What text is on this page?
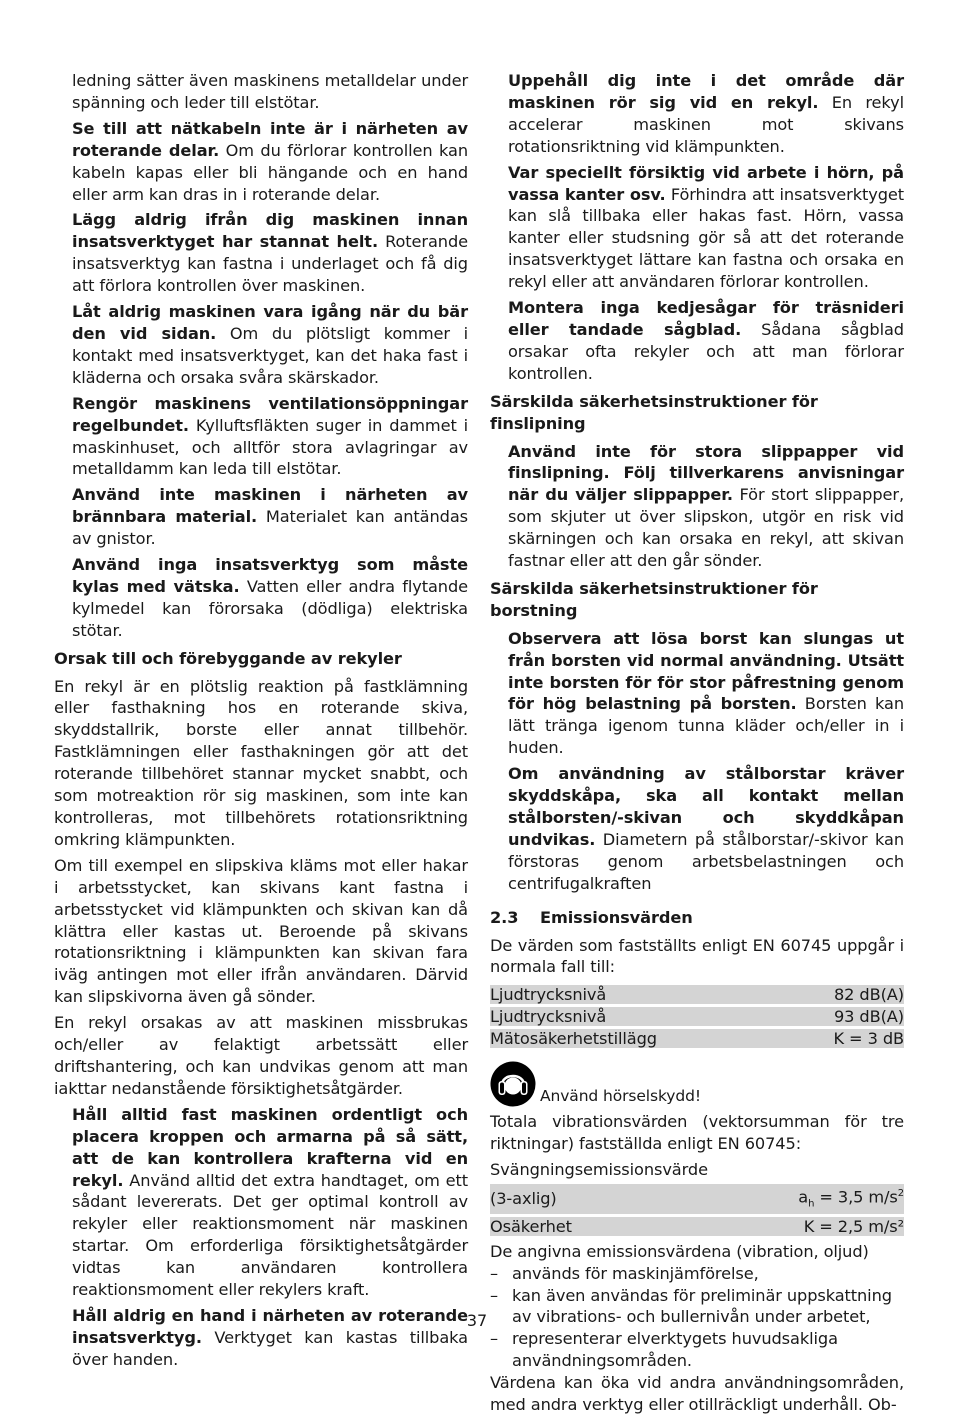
ledning sätter även maskinens metalldelar under spänning och leder till elstötar.

Se till att nätkabeln inte är i närheten av roterande delar. Om du förlorar kontrollen kan kabeln kapas eller bli hängande och en hand eller arm kan dras in i roterande delar.

Lägg aldrig ifrån dig maskinen innan insatsverktyget har stannat helt. Roterande insatsverktyg kan fastna i underlaget och få dig att förlora kontrollen över maskinen.

Låt aldrig maskinen vara igång när du bär den vid sidan. Om du plötsligt kommer i kontakt med insatsverktyget, kan det haka fast i kläderna och orsaka svåra skärskador.

Rengör maskinens ventilationsöppningar regelbundet. Kylluftsfläkten suger in dammet i maskinhuset, och alltför stora avlagringar av metalldamm kan leda till elstötar.

Använd inte maskinen i närheten av brännbara material. Materialet kan antändas av gnistor.

Använd inga insatsverktyg som måste kylas med vätska. Vatten eller andra flytande kylmedel kan förorsaka (dödliga) elektriska stötar.

Orsak till och förebyggande av rekyler

En rekyl är en plötslig reaktion på fastklämning eller fasthakning hos en roterande skiva, skyddstallrik, borste eller annat tillbehör. Fastklämningen eller fasthakningen gör att det roterande tillbehöret stannar mycket snabbt, och som motreaktion rör sig maskinen, som inte kan kontrolleras, mot tillbehörets rotationsriktning omkring klämpunkten.

Om till exempel en slipskiva kläms mot eller hakar i arbetsstycket, kan skivans kant fastna i arbetsstycket vid klämpunkten och skivan kan då klättra eller kastas ut. Beroende på skivans rotationsriktning i klämpunkten kan skivan fara iväg antingen mot eller ifrån användaren. Därvid kan slipskivorna även gå sönder.

En rekyl orsakas av att maskinen missbrukas och/eller av felaktigt arbetssätt eller driftshantering, och kan undvikas genom att man iakttar nedanstående försiktighetsåtgärder.

Håll alltid fast maskinen ordentligt och placera kroppen och armarna på så sätt, att de kan kontrollera krafterna vid en rekyl. Använd alltid det extra handtaget, om ett sådant levererats. Det ger optimal kontroll av rekyler eller reaktionsmoment när maskinen startar. Om erforderliga försiktighetsåtgärder vidtas kan användaren kontrollera reaktionsmoment eller rekylers kraft.

Håll aldrig en hand i närheten av roterande insatsverktyg. Verktyget kan kastas tillbaka över handen.

Uppehåll dig inte i det område där maskinen rör sig vid en rekyl. En rekyl accelerar maskinen mot skivans rotationsriktning vid klämpunkten.

Var speciellt försiktig vid arbete i hörn, på vassa kanter osv. Förhindra att insatsverktyget kan slå tillbaka eller hakas fast. Hörn, vassa kanter eller studsning gör så att det roterande insatsverktyget lättare kan fastna och orsaka en rekyl eller att användaren förlorar kontrollen.

Montera inga kedjesågar för träsnideri eller tandade sågblad. Sådana sågblad orsakar ofta rekyler och att man förlorar kontrollen.

Särskilda säkerhetsinstruktioner för finslipning

Använd inte för stora slippapper vid finslipning. Följ tillverkarens anvisningar när du väljer slippapper. För stort slippapper, som skjuter ut över slipskon, utgör en risk vid skärningen och kan orsaka en rekyl, att skivan fastnar eller att den går sönder.

Särskilda säkerhetsinstruktioner för borstning

Observera att lösa borst kan slungas ut från borsten vid normal användning. Utsätt inte borsten för för stor påfrestning genom för hög belastning på borsten. Borsten kan lätt tränga igenom tunna kläder och/eller in i huden.

Om användning av stålborstar kräver skyddskåpa, ska all kontakt mellan stålborsten/-skivan och skyddkåpan undvikas. Diametern på stålborstar/-skivor kan förstoras genom arbetsbelastningen och centrifugalkraften

2.3 Emissionsvärden

De värden som fastställts enligt EN 60745 uppgår i normala fall till:

Ljudtrycksnivå	82 dB(A)
Ljudtrycksnivå	93 dB(A)
Mätosäkerhetstillägg	K = 3 dB
Använd hörselskydd!

Totala vibrationsvärden (vektorsumman för tre riktningar) fastställda enligt EN 60745:

Svängningsemissionsvärde

(3-axlig)	$a_h = 3,5$ $m/s^2$
Osäkerhet	K = 2,5 m/s²

De angivna emissionsvärdena (vibration, oljud)

– används för maskinjämförelse,
– kan även användas för preliminär uppskattning av vibrations- och bullernivån under arbetet,
– representerar elverktygets huvudsakliga användningsområden.

Värdena kan öka vid andra användningsområden, med andra verktyg eller otillräckligt underhåll. Ob-

37
